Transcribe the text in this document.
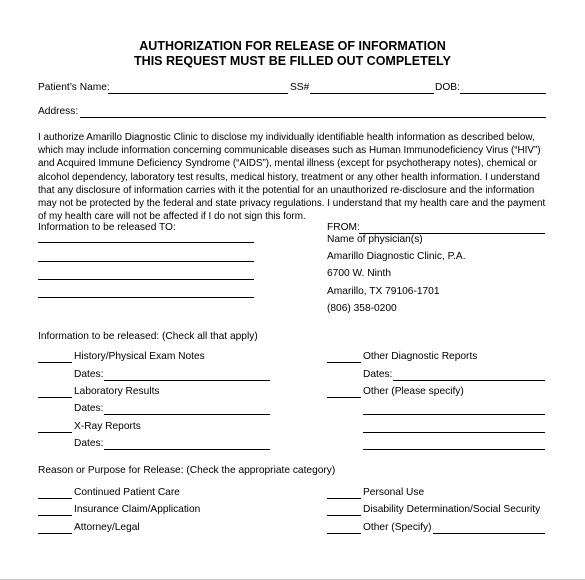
AUTHORIZATION FOR RELEASE OF INFORMATION
THIS REQUEST MUST BE FILLED OUT COMPLETELY
Patient’s Name:	SS#	DOB:
Address:
I authorize Amarillo Diagnostic Clinic to disclose my individually identifiable health information as described below, which may include information concerning communicable diseases such as Human Immunodeficiency Virus (“HIV”) and Acquired Immune Deficiency Syndrome (“AIDS”), mental illness (except for psychotherapy notes), chemical or alcohol dependency, laboratory test results, medical history, treatment or any other health information. I understand that any disclosure of information carries with it the potential for an unauthorized re-disclosure and the information may not be protected by the federal and state privacy regulations. I understand that my health care and the payment of my health care will not be affected if I do not sign this form.
Information to be released TO:	FROM:
Name of physician(s)
Amarillo Diagnostic Clinic, P.A.
6700 W. Ninth
Amarillo, TX 79106-1701
(806) 358-0200
Information to be released: (Check all that apply)
History/Physical Exam Notes
Dates:
Laboratory Results
Dates:
X-Ray Reports
Dates:
Other Diagnostic Reports
Dates:
Other (Please specify)
Reason or Purpose for Release: (Check the appropriate category)
Continued Patient Care
Insurance Claim/Application
Attorney/Legal
Personal Use
Disability Determination/Social Security
Other (Specify)
